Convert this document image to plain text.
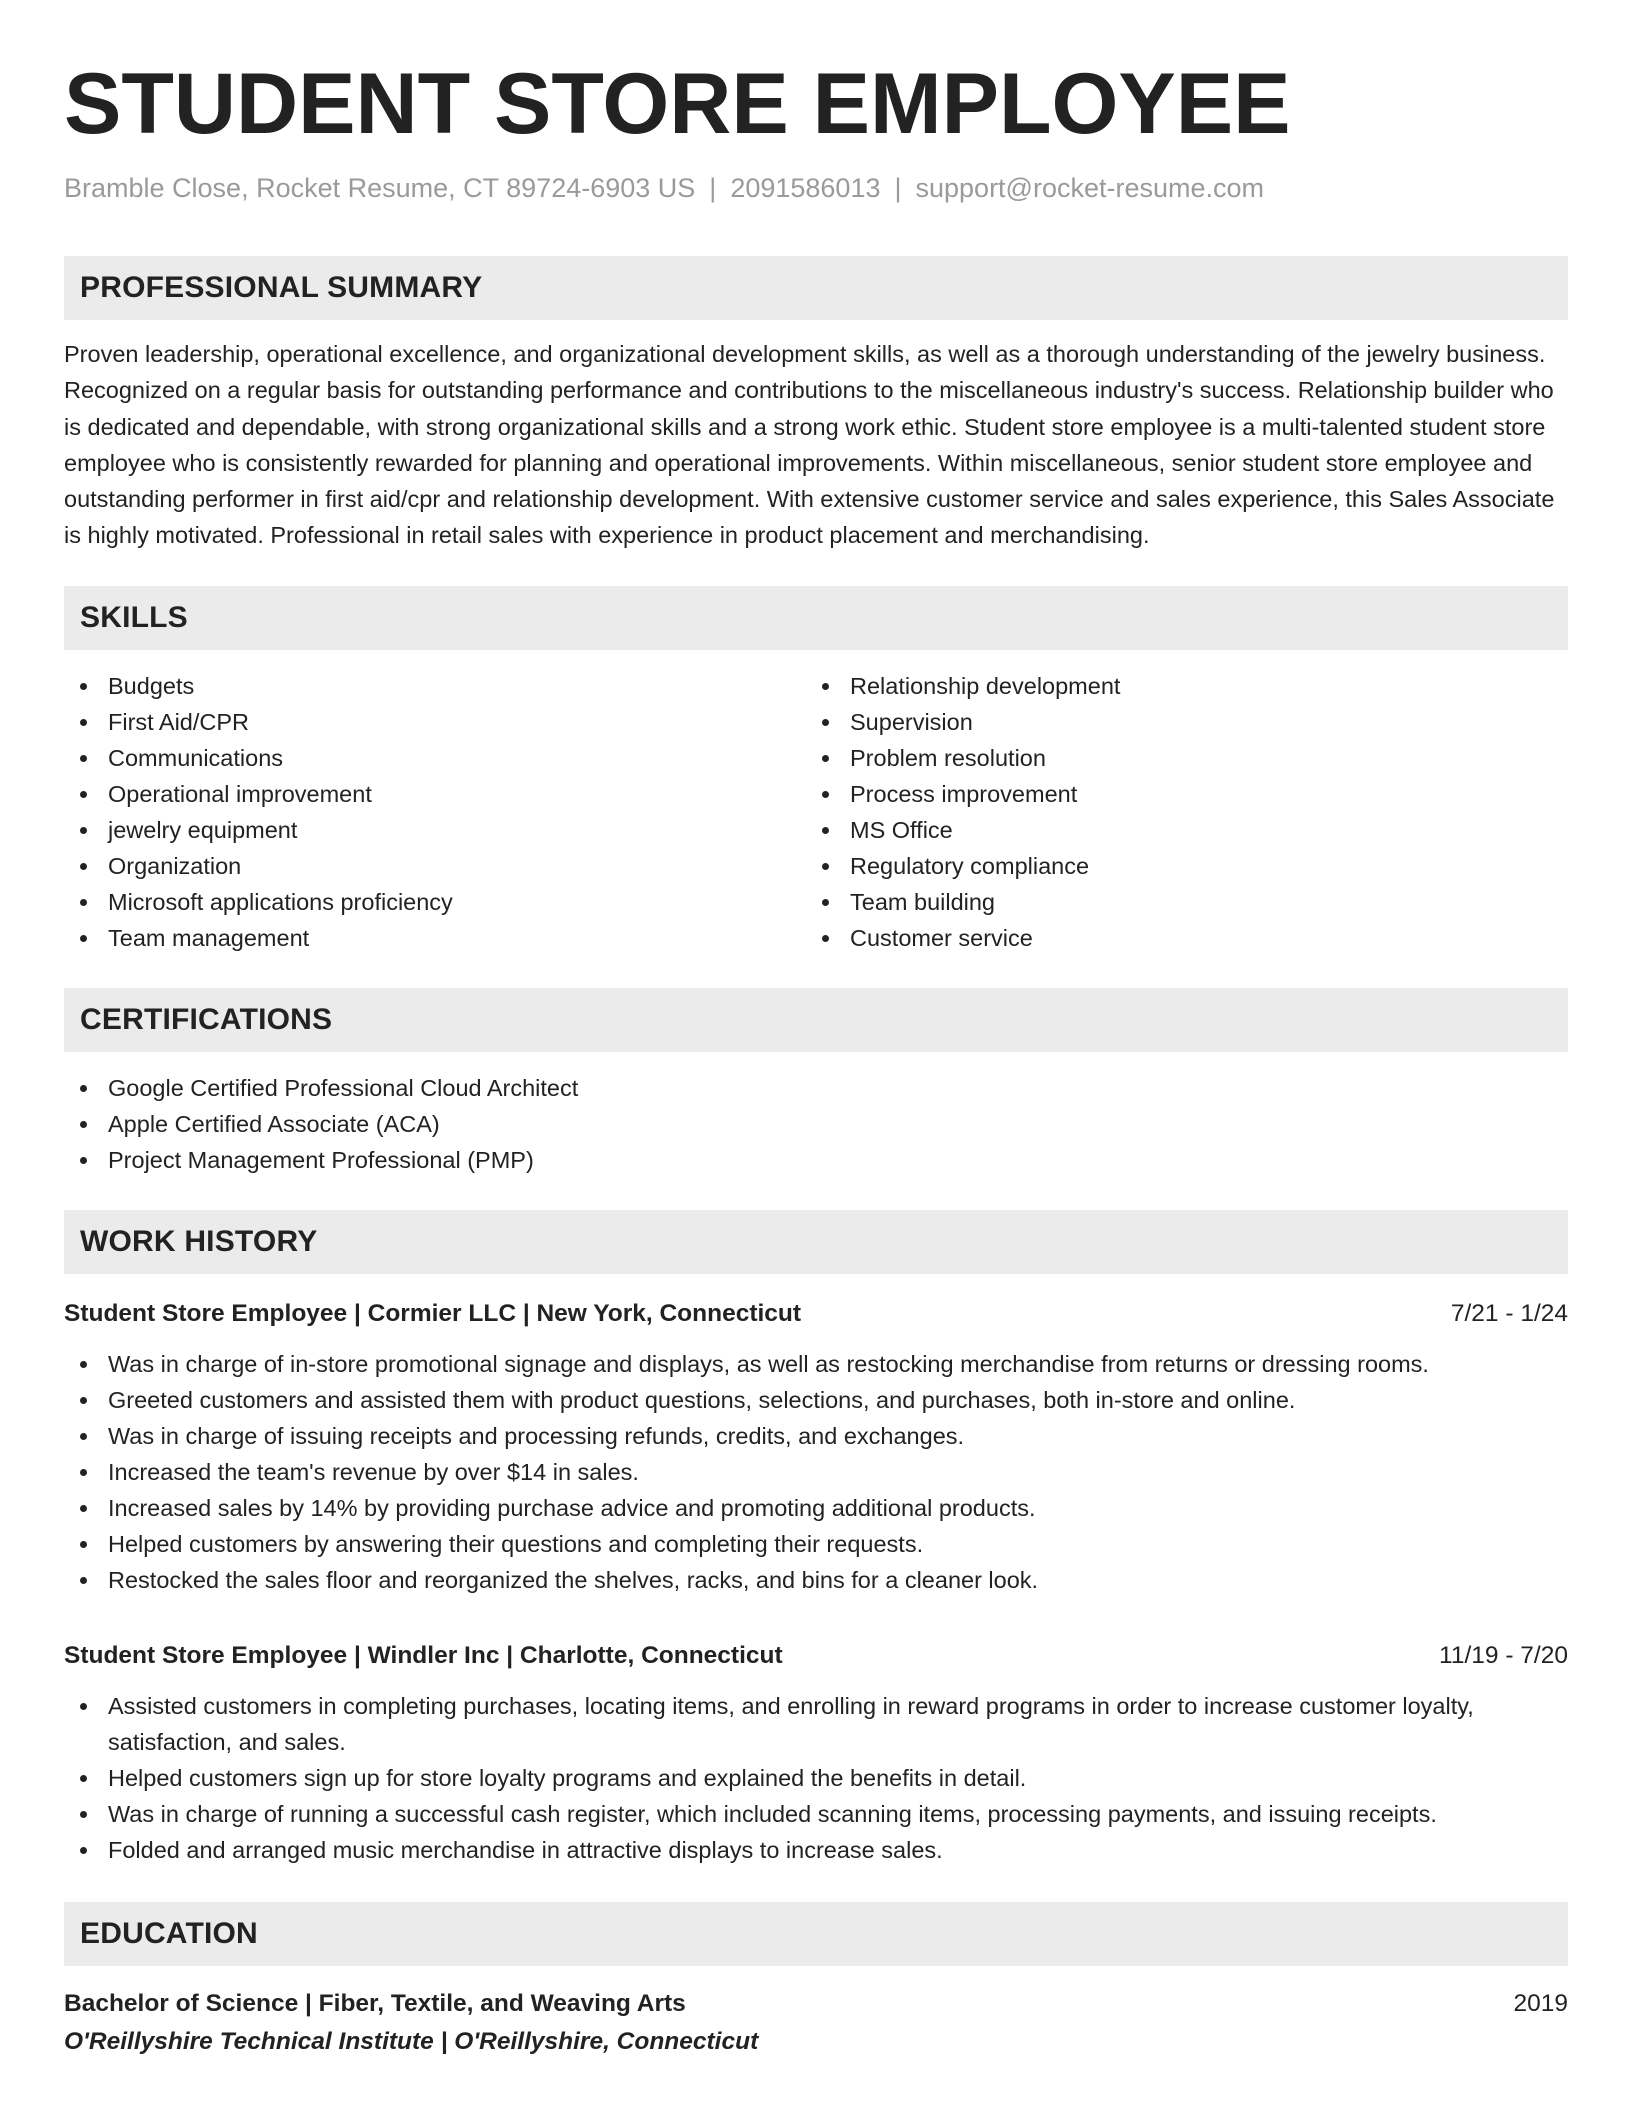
STUDENT STORE EMPLOYEE
Bramble Close, Rocket Resume, CT 89724-6903 US | 2091586013 | support@rocket-resume.com
PROFESSIONAL SUMMARY
Proven leadership, operational excellence, and organizational development skills, as well as a thorough understanding of the jewelry business. Recognized on a regular basis for outstanding performance and contributions to the miscellaneous industry's success. Relationship builder who is dedicated and dependable, with strong organizational skills and a strong work ethic. Student store employee is a multi-talented student store employee who is consistently rewarded for planning and operational improvements. Within miscellaneous, senior student store employee and outstanding performer in first aid/cpr and relationship development. With extensive customer service and sales experience, this Sales Associate is highly motivated. Professional in retail sales with experience in product placement and merchandising.
SKILLS
Budgets
First Aid/CPR
Communications
Operational improvement
jewelry equipment
Organization
Microsoft applications proficiency
Team management
Relationship development
Supervision
Problem resolution
Process improvement
MS Office
Regulatory compliance
Team building
Customer service
CERTIFICATIONS
Google Certified Professional Cloud Architect
Apple Certified Associate (ACA)
Project Management Professional (PMP)
WORK HISTORY
Student Store Employee | Cormier LLC | New York, Connecticut	7/21 - 1/24
Was in charge of in-store promotional signage and displays, as well as restocking merchandise from returns or dressing rooms.
Greeted customers and assisted them with product questions, selections, and purchases, both in-store and online.
Was in charge of issuing receipts and processing refunds, credits, and exchanges.
Increased the team's revenue by over $14 in sales.
Increased sales by 14% by providing purchase advice and promoting additional products.
Helped customers by answering their questions and completing their requests.
Restocked the sales floor and reorganized the shelves, racks, and bins for a cleaner look.
Student Store Employee | Windler Inc | Charlotte, Connecticut	11/19 - 7/20
Assisted customers in completing purchases, locating items, and enrolling in reward programs in order to increase customer loyalty, satisfaction, and sales.
Helped customers sign up for store loyalty programs and explained the benefits in detail.
Was in charge of running a successful cash register, which included scanning items, processing payments, and issuing receipts.
Folded and arranged music merchandise in attractive displays to increase sales.
EDUCATION
Bachelor of Science | Fiber, Textile, and Weaving Arts	2019
O'Reillyshire Technical Institute | O'Reillyshire, Connecticut
